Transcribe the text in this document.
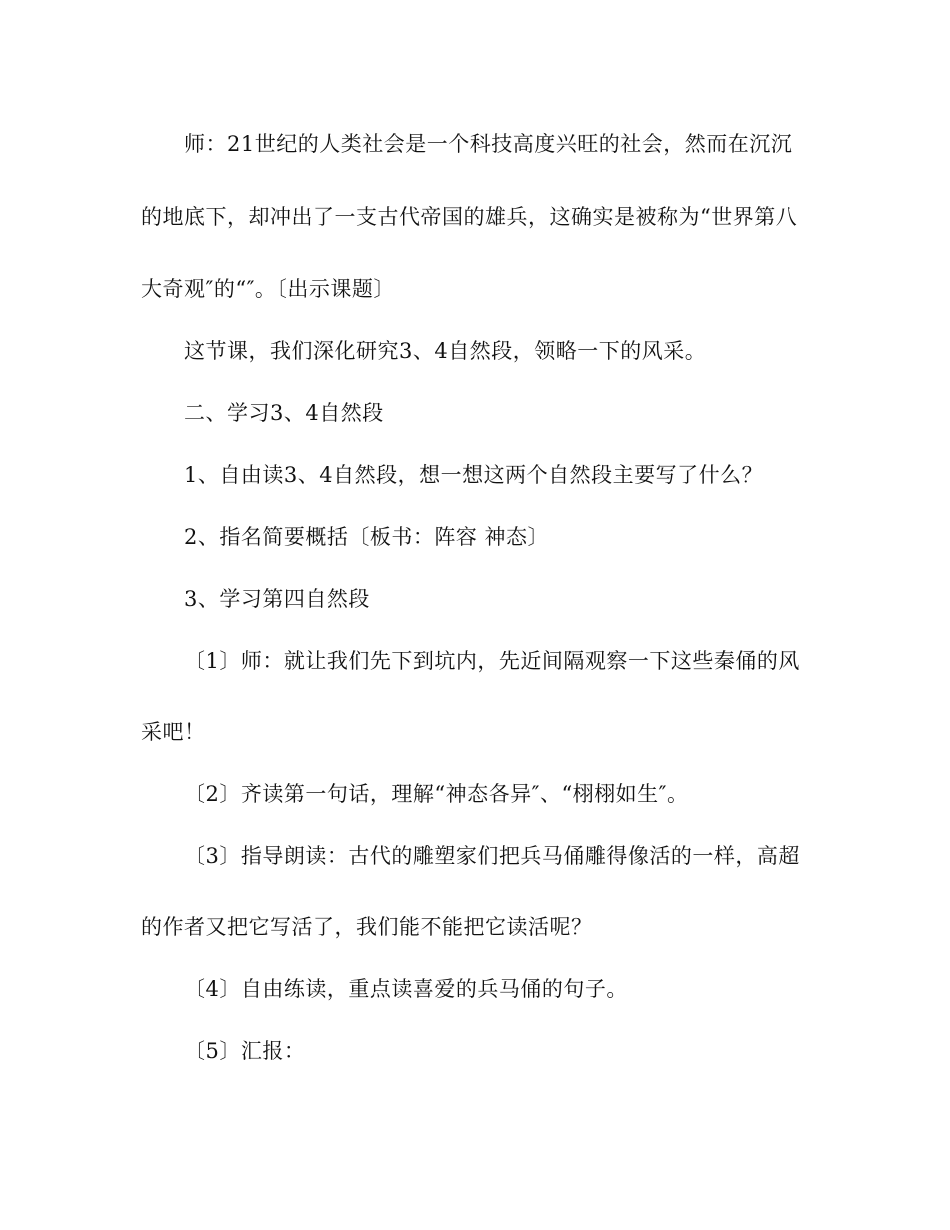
师：21世纪的人类社会是一个科技高度兴旺的社会，然而在沉沉
的地底下，却冲出了一支古代帝国的雄兵，这确实是被称为“世界第八
大奇观″的“″。〔出示课题〕
这节课，我们深化研究3、4自然段，领略一下的风采。
二、学习3、4自然段
1、自由读3、4自然段，想一想这两个自然段主要写了什么？
2、指名简要概括〔板书：阵容 神态〕
3、学习第四自然段
〔1〕师：就让我们先下到坑内，先近间隔观察一下这些秦俑的风
采吧！
〔2〕齐读第一句话，理解“神态各异″、“栩栩如生″。
〔3〕指导朗读：古代的雕塑家们把兵马俑雕得像活的一样，高超
的作者又把它写活了，我们能不能把它读活呢？
〔4〕自由练读，重点读喜爱的兵马俑的句子。
〔5〕汇报：
